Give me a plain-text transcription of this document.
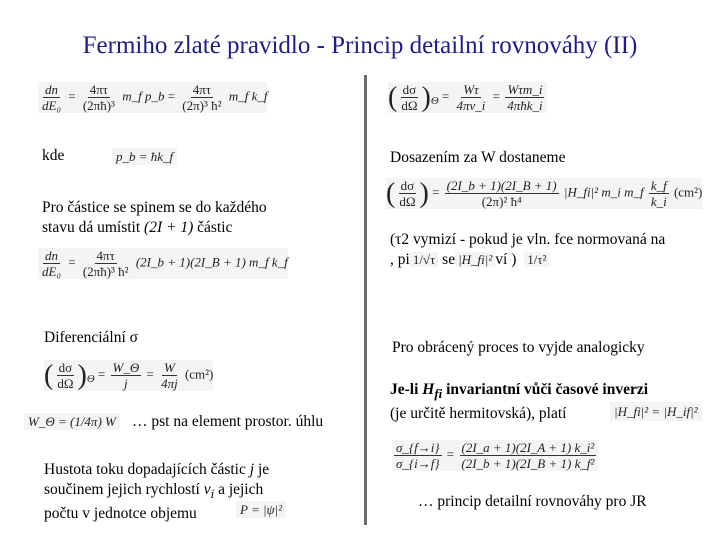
Fermiho zlaté pravidlo - Princip detailní rovnováhy (II)
$\frac{dn}{\text{dE₀}} = \frac{4\pi\tau}{\text{(2πħ)³}}$ m_f p_b = $\frac{4\pi\tau}{\text{(2π)³ ħ²}}$ m_f k_f
kde	p_b = ħk_f
Pro částice se spinem se do každého
stavu dá umístit (2I + 1) částic
$\frac{dn}{\text{dE₀}} = \frac{4\pi\tau}{\text{(2πħ)³ ħ²}}$ (2I_b + 1)(2I_B + 1) m_f k_f
Diferenciální σ
( $\frac{d\sigma}{d\Omega} )_\Theta = \frac{W\_\Theta}{j} = \frac{W}{4\pi j} (cm^2)$
W_Θ = (1/4π) W … pst na element prostor. úhlu
Hustota toku dopadajících částic j je
součinem jejich rychlostí $v_i$ a jejich
počtu v jednotce objemu	P = |ψ|²
( $\frac{d\sigma}{d\Omega} )_\Theta = \frac{W\tau}{4\pi v\_i} = \frac{\text{Wτm\_i}}{\text{4πħk\_i}}$
Dosazením za W dostaneme
( $\frac{d\sigma}{d\Omega}$ ) = $\frac{(2I\_b + 1)(2I\_B + 1)}{\text{(2π)² ħ⁴}}$ |H_fi|² m_i m_f $\frac{k\_f}{k\_i} (cm^2)$
(τ2 vymizí - pokud je vln. fce normovaná na
, pi 1/√τ se |H_fi|² ví ) 1/τ²
Pro obrácený proces to vyjde analogicky
Je-li $H_{fi}$ invariantní vůči časové inverzi
(je určitě hermitovská), platí	|H_fi|² = |H_if|²
$\frac{\sigma\_\{f\to i\}}{\sigma\_\{i\to f\}} = \frac{\text{(2I\_a + 1)(2I\_A + 1) k\_i²}}{\text{(2I\_b + 1)(2I\_B + 1) k\_f²}}$
… princip detailní rovnováhy pro JR
